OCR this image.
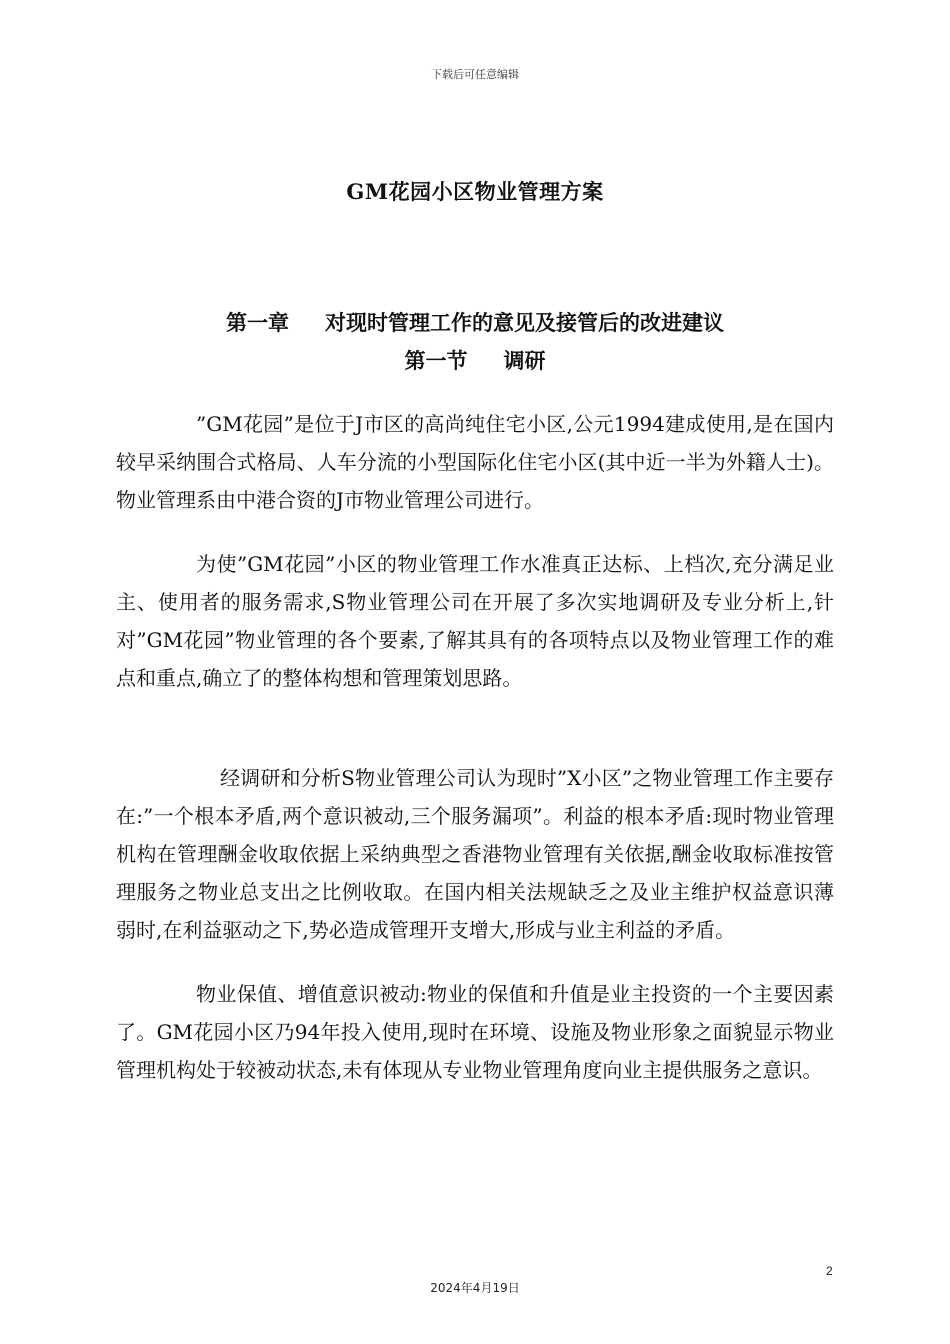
下载后可任意编辑
GM花园小区物业管理方案
第一章 对现时管理工作的意见及接管后的改进建议
第一节 调研

”GM花园”是位于J市区的高尚纯住宅小区,公元1994建成使用,是在国内较早采纳围合式格局、人车分流的小型国际化住宅小区(其中近一半为外籍人士)。物业管理系由中港合资的J市物业管理公司进行。

为使”GM花园”小区的物业管理工作水准真正达标、上档次,充分满足业主、使用者的服务需求,S物业管理公司在开展了多次实地调研及专业分析上,针对”GM花园”物业管理的各个要素,了解其具有的各项特点以及物业管理工作的难点和重点,确立了的整体构想和管理策划思路。

经调研和分析S物业管理公司认为现时”X小区”之物业管理工作主要存在:”一个根本矛盾,两个意识被动,三个服务漏项”。利益的根本矛盾:现时物业管理机构在管理酬金收取依据上采纳典型之香港物业管理有关依据,酬金收取标准按管理服务之物业总支出之比例收取。在国内相关法规缺乏之及业主维护权益意识薄弱时,在利益驱动之下,势必造成管理开支增大,形成与业主利益的矛盾。

物业保值、增值意识被动:物业的保值和升值是业主投资的一个主要因素了。GM花园小区乃94年投入使用,现时在环境、设施及物业形象之面貌显示物业管理机构处于较被动状态,未有体现从专业物业管理角度向业主提供服务之意识。

2
2024年4月19日
